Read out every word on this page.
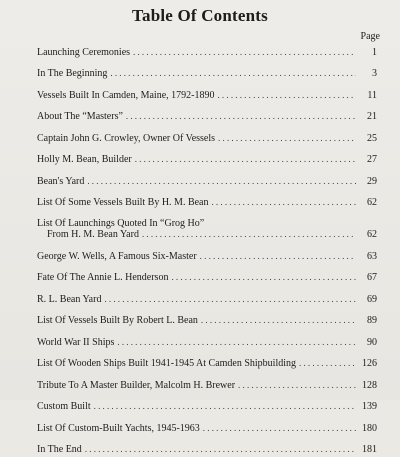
Table Of Contents
Page
Launching Ceremonies .....	1
In The Beginning .....	3
Vessels Built In Camden, Maine, 1792-1890 .....	11
About The “Masters” .....	21
Captain John G. Crowley, Owner Of Vessels .....	25
Holly M. Bean, Builder .....	27
Bean's Yard .....	29
List Of Some Vessels Built By H. M. Bean .....	62
List Of Launchings Quoted In “Grog Ho”
From H. M. Bean Yard .....	62
George W. Wells, A Famous Six-Master .....	63
Fate Of The Annie L. Henderson .....	67
R. L. Bean Yard .....	69
List Of Vessels Built By Robert L. Bean .....	89
World War II Ships .....	90
List Of Wooden Ships Built 1941-1945 At Camden Shipbuilding .....	126
Tribute To A Master Builder, Malcolm H. Brewer .....	128
Custom Built .....	139
List Of Custom-Built Yachts, 1945-1963 .....	180
In The End .....	181
